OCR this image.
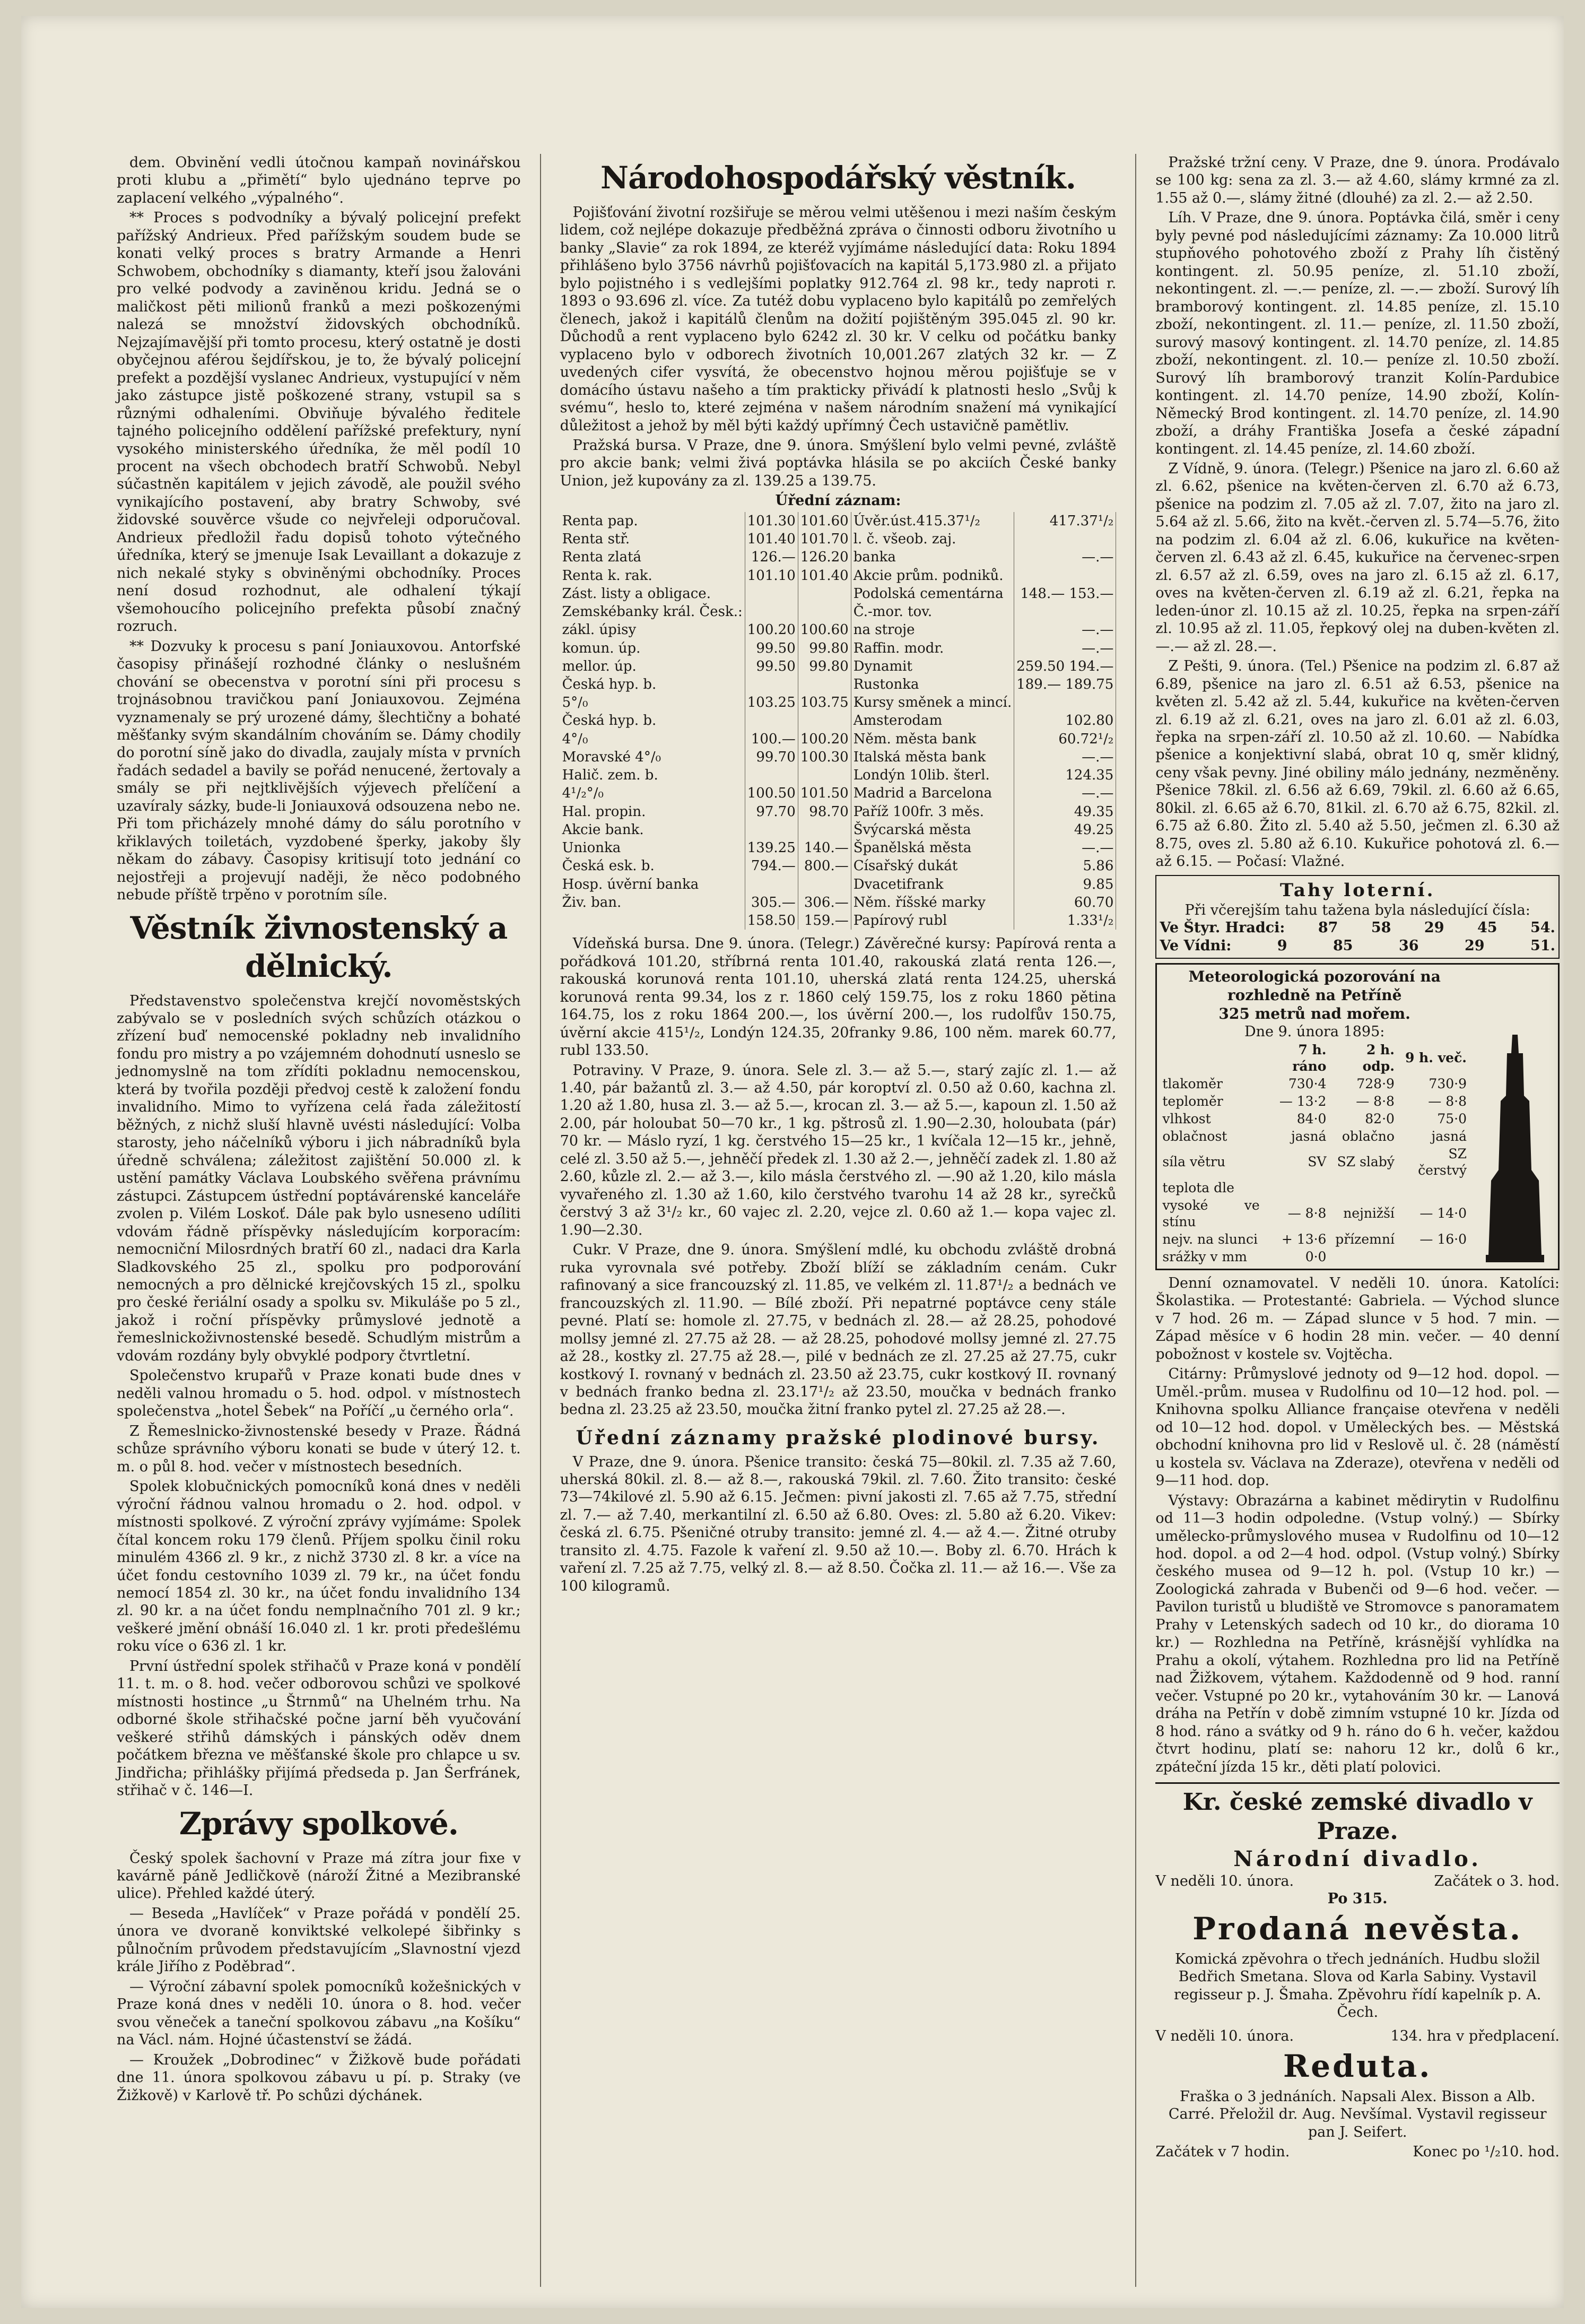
dem. Obvinění vedli útočnou kampaň novinářskou proti klubu a „přimětí“ bylo ujednáno teprve po zaplacení velkého „výpalného“.

** Proces s podvodníky a bývalý policejní prefekt pařížský Andrieux. Před pařížským soudem bude se konati velký proces s bratry Armande a Henri Schwobem, obchodníky s diamanty, kteří jsou žalováni pro velké podvody a zaviněnou kridu. Jedná se o maličkost pěti milionů franků a mezi poškozenými nalezá se množství židovských obchodníků. Nejzajímavější při tomto procesu, který ostatně je dosti obyčejnou aférou šejdířskou, je to, že bývalý policejní prefekt a pozdější vyslanec Andrieux, vystupující v něm jako zástupce jistě poškozené strany, vstupil sa s různými odhaleními. Obviňuje bývalého ředitele tajného policejního oddělení pařížské prefektury, nyní vysokého ministerského úředníka, že měl podíl 10 procent na všech obchodech bratří Schwobů. Nebyl súčastněn kapitálem v jejich závodě, ale použil svého vynikajícího postavení, aby bratry Schwoby, své židovské souvěrce všude co nejvřeleji odporučoval. Andrieux předložil řadu dopisů tohoto výtečného úředníka, který se jmenuje Isak Levaillant a dokazuje z nich nekalé styky s obviněnými obchodníky. Proces není dosud rozhodnut, ale odhalení týkají všemohoucího policejního prefekta působí značný rozruch.

** Dozvuky k procesu s paní Joniauxovou. Antorfské časopisy přinášejí rozhodné články o neslušném chování se obecenstva v porotní síni při procesu s trojnásobnou travičkou paní Joniauxovou. Zejména vyznamenaly se prý urozené dámy, šlechtičny a bohaté měšťanky svým skandálním chováním se. Dámy chodily do porotní síně jako do divadla, zaujaly místa v prvních řadách sedadel a bavily se pořád nenucené, žertovaly a smály se při nejtklivějších výjevech přelíčení a uzavíraly sázky, bude-li Joniauxová odsouzena nebo ne. Při tom přicházely mnohé dámy do sálu porotního v křiklavých toiletách, vyzdobené šperky, jakoby šly někam do zábavy. Časopisy kritisují toto jednání co nejostřeji a projevují naději, že něco podobného nebude příště trpěno v porotním síle.

Věstník živnostenský a dělnický.

Představenstvo společenstva krejčí novoměstských zabývalo se v posledních svých schůzích otázkou o zřízení buď nemocenské pokladny neb invalidního fondu pro mistry a po vzájemném dohodnutí usneslo se jednomyslně na tom zřídíti pokladnu nemocenskou, která by tvořila později předvoj cestě k založení fondu invalidního. Mimo to vyřízena celá řada záležitostí běžných, z nichž sluší hlavně uvésti následující: Volba starosty, jeho náčelníků výboru i jich nábradníků byla úředně schválena; záležitost zajištění 50.000 zl. k ustění památky Václava Loubského svěřena právnímu zástupci. Zástupcem ústřední poptávárenské kanceláře zvolen p. Vilém Loskoť. Dále pak bylo usneseno udíliti vdovám řádně příspěvky následujícím korporacím: nemocniční Milosrdných bratří 60 zl., nadaci dra Karla Sladkovského 25 zl., spolku pro podporování nemocných a pro dělnické krejčovských 15 zl., spolku pro české řeriální osady a spolku sv. Mikuláše po 5 zl., jakož i roční příspěvky průmyslové jednotě a řemeslnickoživnostenské besedě. Schudlým mistrům a vdovám rozdány byly obvyklé podpory čtvrtletní.

Společenstvo krupařů v Praze konati bude dnes v neděli valnou hromadu o 5. hod. odpol. v místnostech společenstva „hotel Šebek“ na Poříčí „u černého orla“.

Z Řemeslnicko-živnostenské besedy v Praze. Řádná schůze správního výboru konati se bude v úterý 12. t. m. o půl 8. hod. večer v místnostech besedních.

Spolek klobučnických pomocníků koná dnes v neděli výroční řádnou valnou hromadu o 2. hod. odpol. v místnosti spolkové. Z výroční zprávy vyjímáme: Spolek čítal koncem roku 179 členů. Příjem spolku činil roku minulém 4366 zl. 9 kr., z nichž 3730 zl. 8 kr. a více na účet fondu cestovního 1039 zl. 79 kr., na účet fondu nemocí 1854 zl. 30 kr., na účet fondu invalidního 134 zl. 90 kr. a na účet fondu nemplnačního 701 zl. 9 kr.; veškeré jmění obnáší 16.040 zl. 1 kr. proti předešlému roku více o 636 zl. 1 kr.

První ústřední spolek střihačů v Praze koná v pondělí 11. t. m. o 8. hod. večer odborovou schůzi ve spolkové místnosti hostince „u Štrnmů“ na Uhelném trhu. Na odborné škole střihačské počne jarní běh vyučování veškeré střihů dámských i pánských oděv dnem počátkem března ve měšťanské škole pro chlapce u sv. Jindřicha; přihlášky přijímá předseda p. Jan Šerfránek, střihač v č. 146—I.

Zprávy spolkové.

Český spolek šachovní v Praze má zítra jour fixe v kavárně páně Jedličkově (nároží Žitné a Mezibranské ulice). Přehled každé úterý.

— Beseda „Havlíček“ v Praze pořádá v pondělí 25. února ve dvoraně konviktské velkolepé šibřinky s půlnočním průvodem představujícím „Slavnostní vjezd krále Jiřího z Poděbrad“.

— Výroční zábavní spolek pomocníků kožešnických v Praze koná dnes v neděli 10. února o 8. hod. večer svou věneček a taneční spolkovou zábavu „na Košíku“ na Václ. nám. Hojné účastenství se žádá.

— Kroužek „Dobrodinec“ v Žižkově bude pořádati dne 11. února spolkovou zábavu u pí. p. Straky (ve Žižkově) v Karlově tř. Po schůzi dýchánek.

Národohospodářský věstník.

Pojišťování životní rozšiřuje se měrou velmi utěšenou i mezi naším českým lidem, což nejlépe dokazuje předběžná zpráva o činnosti odboru životního u banky „Slavie“ za rok 1894, ze kteréž vyjímáme následující data: Roku 1894 přihlášeno bylo 3756 návrhů pojišťovacích na kapitál 5,173.980 zl. a přijato bylo pojistného i s vedlejšími poplatky 912.764 zl. 98 kr., tedy naproti r. 1893 o 93.696 zl. více. Za tutéž dobu vyplaceno bylo kapitálů po zemřelých členech, jakož i kapitálů členům na dožití pojištěným 395.045 zl. 90 kr. Důchodů a rent vyplaceno bylo 6242 zl. 30 kr. V celku od počátku banky vyplaceno bylo v odborech životních 10,001.267 zlatých 32 kr. — Z uvedených cifer vysvítá, že obecenstvo hojnou měrou pojišťuje se v domácího ústavu našeho a tím prakticky přivádí k platnosti heslo „Svůj k svému“, heslo to, které zejména v našem národním snažení má vynikající důležitost a jehož by měl býti každý upřímný Čech ustavičně pamětliv.

Pražská bursa. V Praze, dne 9. února. Smýšlení bylo velmi pevné, zvláště pro akcie bank; velmi živá poptávka hlásila se po akciích České banky Union, jež kupovány za zl. 139.25 a 139.75.

Úřední záznam:
Renta pap.	101.30	101.60	Úvěr.úst.415.37¹/₂	417.37¹/₂
Renta stř.	101.40	101.70	l. č. všeob. zaj.	
Renta zlatá	126.—	126.20	banka	—.—
Renta k. rak.	101.10	101.40	Akcie prům. podniků.	
Zást. listy a obligace.			Podolská cementárna	148.— 153.—
Zemskébanky král. Česk.:			Č.-mor. tov.	
zákl. úpisy	100.20	100.60	na stroje	—.—
komun. úp.	99.50	99.80	Raffin. modr.	—.—
mellor. úp.	99.50	99.80	Dynamit	259.50 194.—
Česká hyp. b.			Rustonka	189.— 189.75
5°/₀	103.25	103.75	Kursy směnek a mincí.	
Česká hyp. b.			Amsterodam	102.80
4°/₀	100.—	100.20	Něm. města bank	60.72¹/₂
Moravské 4°/₀	99.70	100.30	Italská města bank	—.—
Halič. zem. b.			Londýn 10lib. šterl.	124.35
4¹/₂°/₀	100.50	101.50	Madrid a Barcelona	—.—
Hal. propin.	97.70	98.70	Paříž 100fr. 3 měs.	49.35
Akcie bank.			Švýcarská města	49.25
Unionka	139.25	140.—	Španělská města	—.—
Česká esk. b.	794.—	800.—	Císařský dukát	5.86
Hosp. úvěrní banka			Dvacetifrank	9.85
Živ. ban.	305.—	306.—	Něm. říšské marky	60.70
	158.50	159.—	Papírový rubl	1.33¹/₂

Vídeňská bursa. Dne 9. února. (Telegr.) Závěrečné kursy: Papírová renta a pořádková 101.20, stříbrná renta 101.40, rakouská zlatá renta 126.—, rakouská korunová renta 101.10, uherská zlatá renta 124.25, uherská korunová renta 99.34, los z r. 1860 celý 159.75, los z roku 1860 pětina 164.75, los z roku 1864 200.—, los úvěrní 200.—, los rudolfův 150.75, úvěrní akcie 415¹/₂, Londýn 124.35, 20franky 9.86, 100 něm. marek 60.77, rubl 133.50.

Potraviny. V Praze, 9. února. Sele zl. 3.— až 5.—, starý zajíc zl. 1.— až 1.40, pár bažantů zl. 3.— až 4.50, pár koroptví zl. 0.50 až 0.60, kachna zl. 1.20 až 1.80, husa zl. 3.— až 5.—, krocan zl. 3.— až 5.—, kapoun zl. 1.50 až 2.00, pár holoubat 50—70 kr., 1 kg. pštrosů zl. 1.90—2.30, holoubata (pár) 70 kr. — Máslo ryzí, 1 kg. čerstvého 15—25 kr., 1 kvíčala 12—15 kr., jehně, celé zl. 3.50 až 5.—, jehněčí předek zl. 1.30 až 2.—, jehněčí zadek zl. 1.80 až 2.60, kůzle zl. 2.— až 3.—, kilo másla čerstvého zl. —.90 až 1.20, kilo másla vyvařeného zl. 1.30 až 1.60, kilo čerstvého tvarohu 14 až 28 kr., syrečků čerstvý 3 až 3¹/₂ kr., 60 vajec zl. 2.20, vejce zl. 0.60 až 1.— kopa vajec zl. 1.90—2.30.

Cukr. V Praze, dne 9. února. Smýšlení mdlé, ku obchodu zvláště drobná ruka vyrovnala své potřeby. Zboží blíží se základním cenám. Cukr rafinovaný a sice francouzský zl. 11.85, ve velkém zl. 11.87¹/₂ a bednách ve francouzských zl. 11.90. — Bílé zboží. Při nepatrné poptávce ceny stále pevné. Platí se: homole zl. 27.75, v bednách zl. 28.— až 28.25, pohodové mollsy jemné zl. 27.75 až 28. — až 28.25, pohodové mollsy jemné zl. 27.75 až 28., kostky zl. 27.75 až 28.—, pilé v bednách ze zl. 27.25 až 27.75, cukr kostkový I. rovnaný v bednách zl. 23.50 až 23.75, cukr kostkový II. rovnaný v bednách franko bedna zl. 23.17¹/₂ až 23.50, moučka v bednách franko bedna zl. 23.25 až 23.50, moučka žitní franko pytel zl. 27.25 až 28.—.

Úřední záznamy pražské plodinové bursy.

V Praze, dne 9. února. Pšenice transito: česká 75—80kil. zl. 7.35 až 7.60, uherská 80kil. zl. 8.— až 8.—, rakouská 79kil. zl. 7.60. Žito transito: české 73—74kilové zl. 5.90 až 6.15. Ječmen: pivní jakosti zl. 7.65 až 7.75, střední zl. 7.— až 7.40, merkantilní zl. 6.50 až 6.80. Oves: zl. 5.80 až 6.20. Vikev: česká zl. 6.75. Pšeničné otruby transito: jemné zl. 4.— až 4.—. Žitné otruby transito zl. 4.75. Fazole k vaření zl. 9.50 až 10.—. Boby zl. 6.70. Hrách k vaření zl. 7.25 až 7.75, velký zl. 8.— až 8.50. Čočka zl. 11.— až 16.—. Vše za 100 kilogramů.

Pražské tržní ceny. V Praze, dne 9. února. Prodávalo se 100 kg: sena za zl. 3.— až 4.60, slámy krmné za zl. 1.55 až 0.—, slámy žitné (dlouhé) za zl. 2.— až 2.50.

Líh. V Praze, dne 9. února. Poptávka čilá, směr i ceny byly pevné pod následujícími záznamy: Za 10.000 litrů stupňového pohotového zboží z Prahy líh čistěný kontingent. zl. 50.95 peníze, zl. 51.10 zboží, nekontingent. zl. —.— peníze, zl. —.— zboží. Surový líh bramborový kontingent. zl. 14.85 peníze, zl. 15.10 zboží, nekontingent. zl. 11.— peníze, zl. 11.50 zboží, surový masový kontingent. zl. 14.70 peníze, zl. 14.85 zboží, nekontingent. zl. 10.— peníze zl. 10.50 zboží. Surový líh bramborový tranzit Kolín-Pardubice kontingent. zl. 14.70 peníze, 14.90 zboží, Kolín-Německý Brod kontingent. zl. 14.70 peníze, zl. 14.90 zboží, a dráhy Františka Josefa a české západní kontingent. zl. 14.45 peníze, zl. 14.60 zboží.

Z Vídně, 9. února. (Telegr.) Pšenice na jaro zl. 6.60 až zl. 6.62, pšenice na květen-červen zl. 6.70 až 6.73, pšenice na podzim zl. 7.05 až zl. 7.07, žito na jaro zl. 5.64 až zl. 5.66, žito na květ.-červen zl. 5.74—5.76, žito na podzim zl. 6.04 až zl. 6.06, kukuřice na květen-červen zl. 6.43 až zl. 6.45, kukuřice na červenec-srpen zl. 6.57 až zl. 6.59, oves na jaro zl. 6.15 až zl. 6.17, oves na květen-červen zl. 6.19 až zl. 6.21, řepka na leden-únor zl. 10.15 až zl. 10.25, řepka na srpen-září zl. 10.95 až zl. 11.05, řepkový olej na duben-květen zl. —.— až zl. 28.—.

Z Pešti, 9. února. (Tel.) Pšenice na podzim zl. 6.87 až 6.89, pšenice na jaro zl. 6.51 až 6.53, pšenice na květen zl. 5.42 až zl. 5.44, kukuřice na květen-červen zl. 6.19 až zl. 6.21, oves na jaro zl. 6.01 až zl. 6.03, řepka na srpen-září zl. 10.50 až zl. 10.60. — Nabídka pšenice a konjektivní slabá, obrat 10 q, směr klidný, ceny však pevny. Jiné obiliny málo jednány, nezměněny. Pšenice 78kil. zl. 6.56 až 6.69, 79kil. zl. 6.60 až 6.65, 80kil. zl. 6.65 až 6.70, 81kil. zl. 6.70 až 6.75, 82kil. zl. 6.75 až 6.80. Žito zl. 5.40 až 5.50, ječmen zl. 6.30 až 8.75, oves zl. 5.80 až 6.10. Kukuřice pohotová zl. 6.— až 6.15. — Počasí: Vlažné.

Tahy loterní.
Při včerejším tahu tažena byla následující čísla:
Ve Štyr. Hradci: 87 58 29 45 54.
Ve Vídni:	9	85	36	29	51.
Meteorologická pozorování na rozhledně na Petříně
325 metrů nad mořem.
Dne 9. února 1895:
	7 h. ráno	2 h. odp.	9 h. več.
tlakoměr	730·4	728·9	730·9
teploměr	— 13·2	— 8·8	— 8·8
vlhkost	84·0	82·0	75·0
oblačnost	jasná	oblačno	jasná
síla větru	SV	SZ slabý	SZ čerstvý
teplota dle			
vysoké ve stínu	— 8·8	nejnižší	— 14·0
nejv. na slunci	+ 13·6	přízemní	— 16·0
srážky v mm	0·0		

Denní oznamovatel. V neděli 10. února. Katolíci: Školastika. — Protestanté: Gabriela. — Východ slunce v 7 hod. 26 m. — Západ slunce v 5 hod. 7 min. — Západ měsíce v 6 hodin 28 min. večer. — 40 denní pobožnost v kostele sv. Vojtěcha.

Citárny: Průmyslové jednoty od 9—12 hod. dopol. — Uměl.-prům. musea v Rudolfinu od 10—12 hod. pol. — Knihovna spolku Alliance française otevřena v neděli od 10—12 hod. dopol. v Uměleckých bes. — Městská obchodní knihovna pro lid v Reslově ul. č. 28 (náměstí u kostela sv. Václava na Zderaze), otevřena v neděli od 9—11 hod. dop.

Výstavy: Obrazárna a kabinet mědirytin v Rudolfinu od 11—3 hodin odpoledne. (Vstup volný.) — Sbírky umělecko-průmyslového musea v Rudolfinu od 10—12 hod. dopol. a od 2—4 hod. odpol. (Vstup volný.) Sbírky českého musea od 9—12 h. pol. (Vstup 10 kr.) — Zoologická zahrada v Bubenči od 9—6 hod. večer. — Pavilon turistů u bludiště ve Stromovce s panoramatem Prahy v Letenských sadech od 10 kr., do diorama 10 kr.) — Rozhledna na Petříně, krásnější vyhlídka na Prahu a okolí, výtahem. Rozhledna pro lid na Petříně nad Žižkovem, výtahem. Každodenně od 9 hod. ranní večer. Vstupné po 20 kr., vytahováním 30 kr. — Lanová dráha na Petřín v době zimním vstupné 10 kr. Jízda od 8 hod. ráno a svátky od 9 h. ráno do 6 h. večer, každou čtvrt hodinu, platí se: nahoru 12 kr., dolů 6 kr., zpáteční jízda 15 kr., děti platí polovici.

Kr. české zemské divadlo v Praze.
Národní divadlo.
V neděli 10. února.	Začátek o 3. hod.
Po 315.
Prodaná nevěsta.

Komická zpěvohra o třech jednáních. Hudbu složil Bedřich Smetana. Slova od Karla Sabiny. Vystavil regisseur p. J. Šmaha. Zpěvohru řídí kapelník p. A. Čech.

V neděli 10. února.	134. hra v předplacení.
Reduta.

Fraška o 3 jednáních. Napsali Alex. Bisson a Alb. Carré. Přeložil dr. Aug. Nevšímal. Vystavil regisseur pan J. Seifert.

Začátek v 7 hodin.	Konec po ¹/₂10. hod.
